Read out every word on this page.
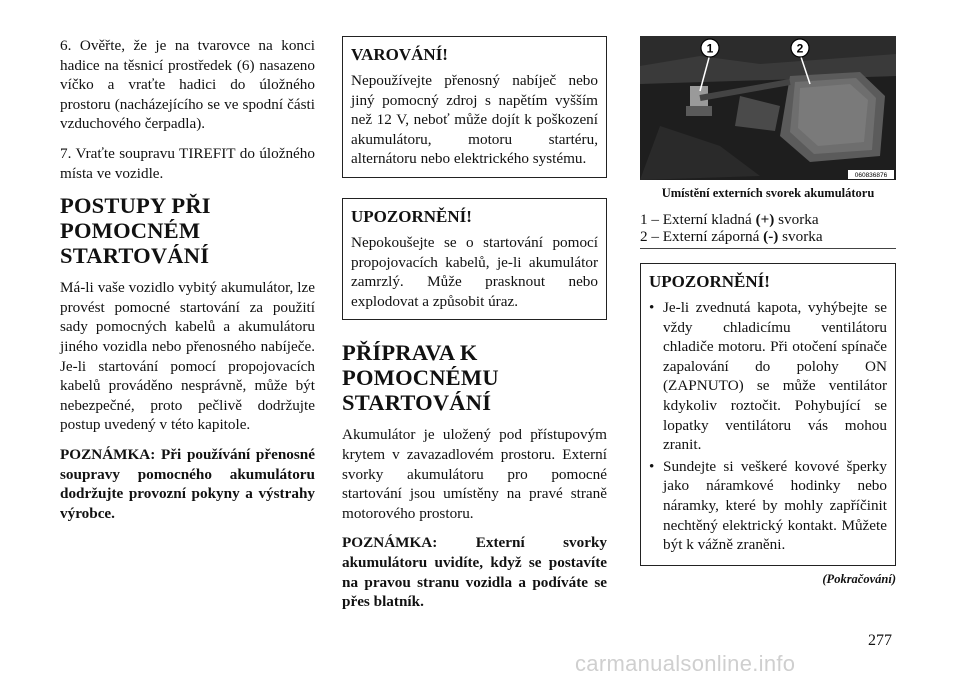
6. Ověřte, že je na tvarovce na konci hadice na těsnicí prostředek (6) nasazeno víčko a vraťte hadici do úložného prostoru (nacházejícího se ve spodní části vzduchového čerpadla).

7. Vraťte soupravu TIREFIT do úložného místa ve vozidle.

POSTUPY PŘI POMOCNÉM STARTOVÁNÍ

Má-li vaše vozidlo vybitý akumulátor, lze provést pomocné startování za použití sady pomocných kabelů a akumulátoru jiného vozidla nebo přenosného nabíječe. Je-li startování pomocí propojovacích kabelů prováděno nesprávně, může být nebezpečné, proto pečlivě dodržujte postup uvedený v této kapitole.

POZNÁMKA: Při používání přenosné soupravy pomocného akumulátoru dodržujte provozní pokyny a výstrahy výrobce.

VAROVÁNÍ!

Nepoužívejte přenosný nabíječ nebo jiný pomocný zdroj s napětím vyšším než 12 V, neboť může dojít k poškození akumulátoru, motoru startéru, alternátoru nebo elektrického systému.

UPOZORNĚNÍ!

Nepokoušejte se o startování pomocí propojovacích kabelů, je-li akumulátor zamrzlý. Může prasknout nebo explodovat a způsobit úraz.

PŘÍPRAVA K POMOCNÉMU STARTOVÁNÍ

Akumulátor je uložený pod přístupovým krytem v zavazadlovém prostoru. Externí svorky akumulátoru pro pomocné startování jsou umístěny na pravé straně motorového prostoru.

POZNÁMKA: Externí svorky akumulátoru uvidíte, když se postavíte na pravou stranu vozidla a podíváte se přes blatník.

1	2
060836876
Umístění externích svorek akumulátoru

1 – Externí kladná (+) svorka

2 – Externí záporná (-) svorka

UPOZORNĚNÍ!
• Je-li zvednutá kapota, vyhýbejte se vždy chladicímu ventilátoru chladiče motoru. Při otočení spínače zapalování do polohy ON (ZAPNUTO) se může ventilátor kdykoliv roztočit. Pohybující se lopatky ventilátoru vás mohou zranit.
• Sundejte si veškeré kovové šperky jako náramkové hodinky nebo náramky, které by mohly zapříčinit nechtěný elektrický kontakt. Můžete být k vážně zraněni.
(Pokračování)
277
carmanualsonline.info
